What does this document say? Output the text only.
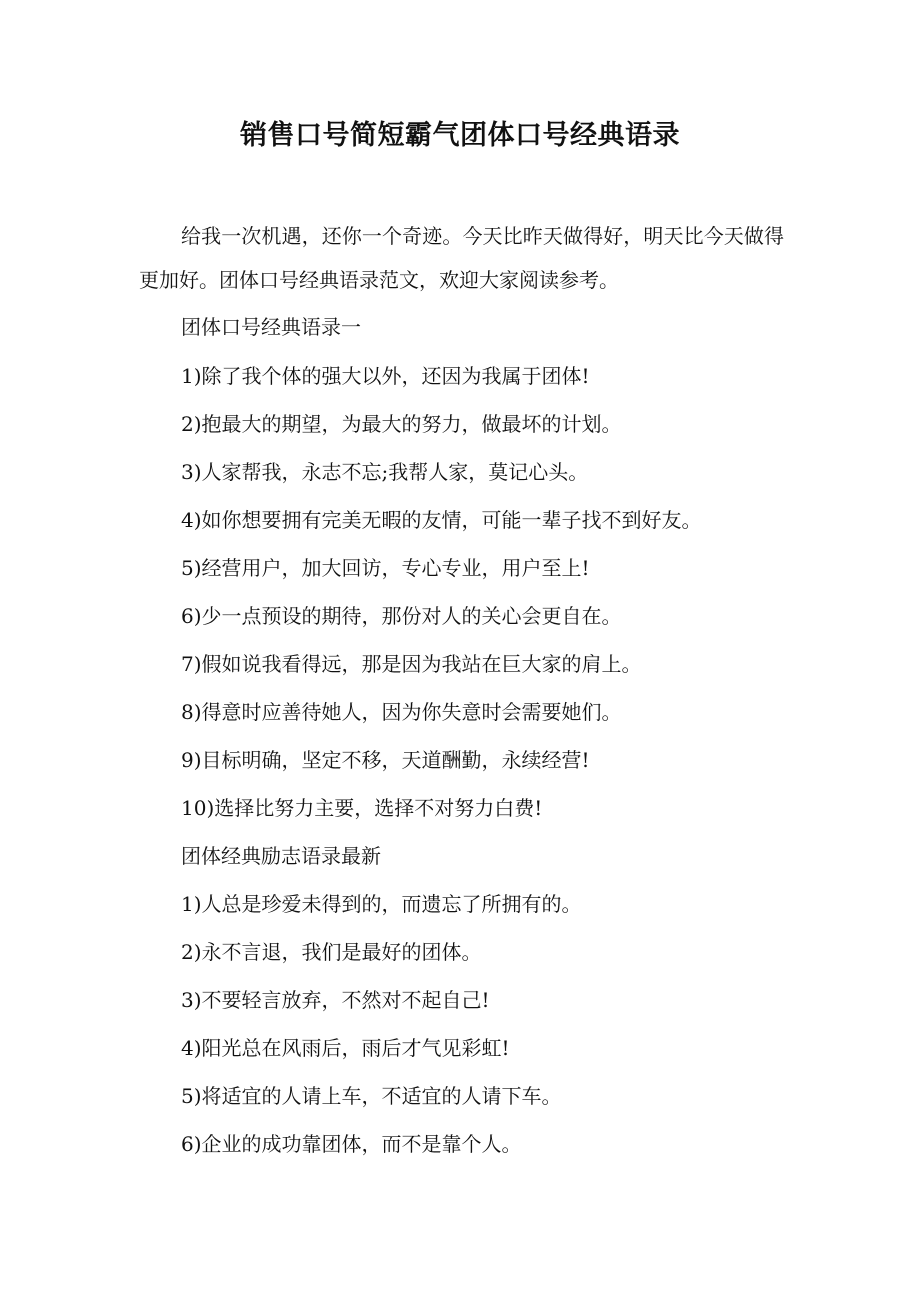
销售口号简短霸气团体口号经典语录

给我一次机遇，还你一个奇迹。今天比昨天做得好，明天比今天做得更加好。团体口号经典语录范文，欢迎大家阅读参考。

团体口号经典语录一
1)除了我个体的强大以外，还因为我属于团体!
2)抱最大的期望，为最大的努力，做最坏的计划。
3)人家帮我，永志不忘;我帮人家，莫记心头。
4)如你想要拥有完美无暇的友情，可能一辈子找不到好友。
5)经营用户，加大回访，专心专业，用户至上!
6)少一点预设的期待，那份对人的关心会更自在。
7)假如说我看得远，那是因为我站在巨大家的肩上。
8)得意时应善待她人，因为你失意时会需要她们。
9)目标明确，坚定不移，天道酬勤，永续经营!
10)选择比努力主要，选择不对努力白费!
团体经典励志语录最新
1)人总是珍爱未得到的，而遗忘了所拥有的。
2)永不言退，我们是最好的团体。
3)不要轻言放弃，不然对不起自己!
4)阳光总在风雨后，雨后才气见彩虹!
5)将适宜的人请上车，不适宜的人请下车。
6)企业的成功靠团体，而不是靠个人。
